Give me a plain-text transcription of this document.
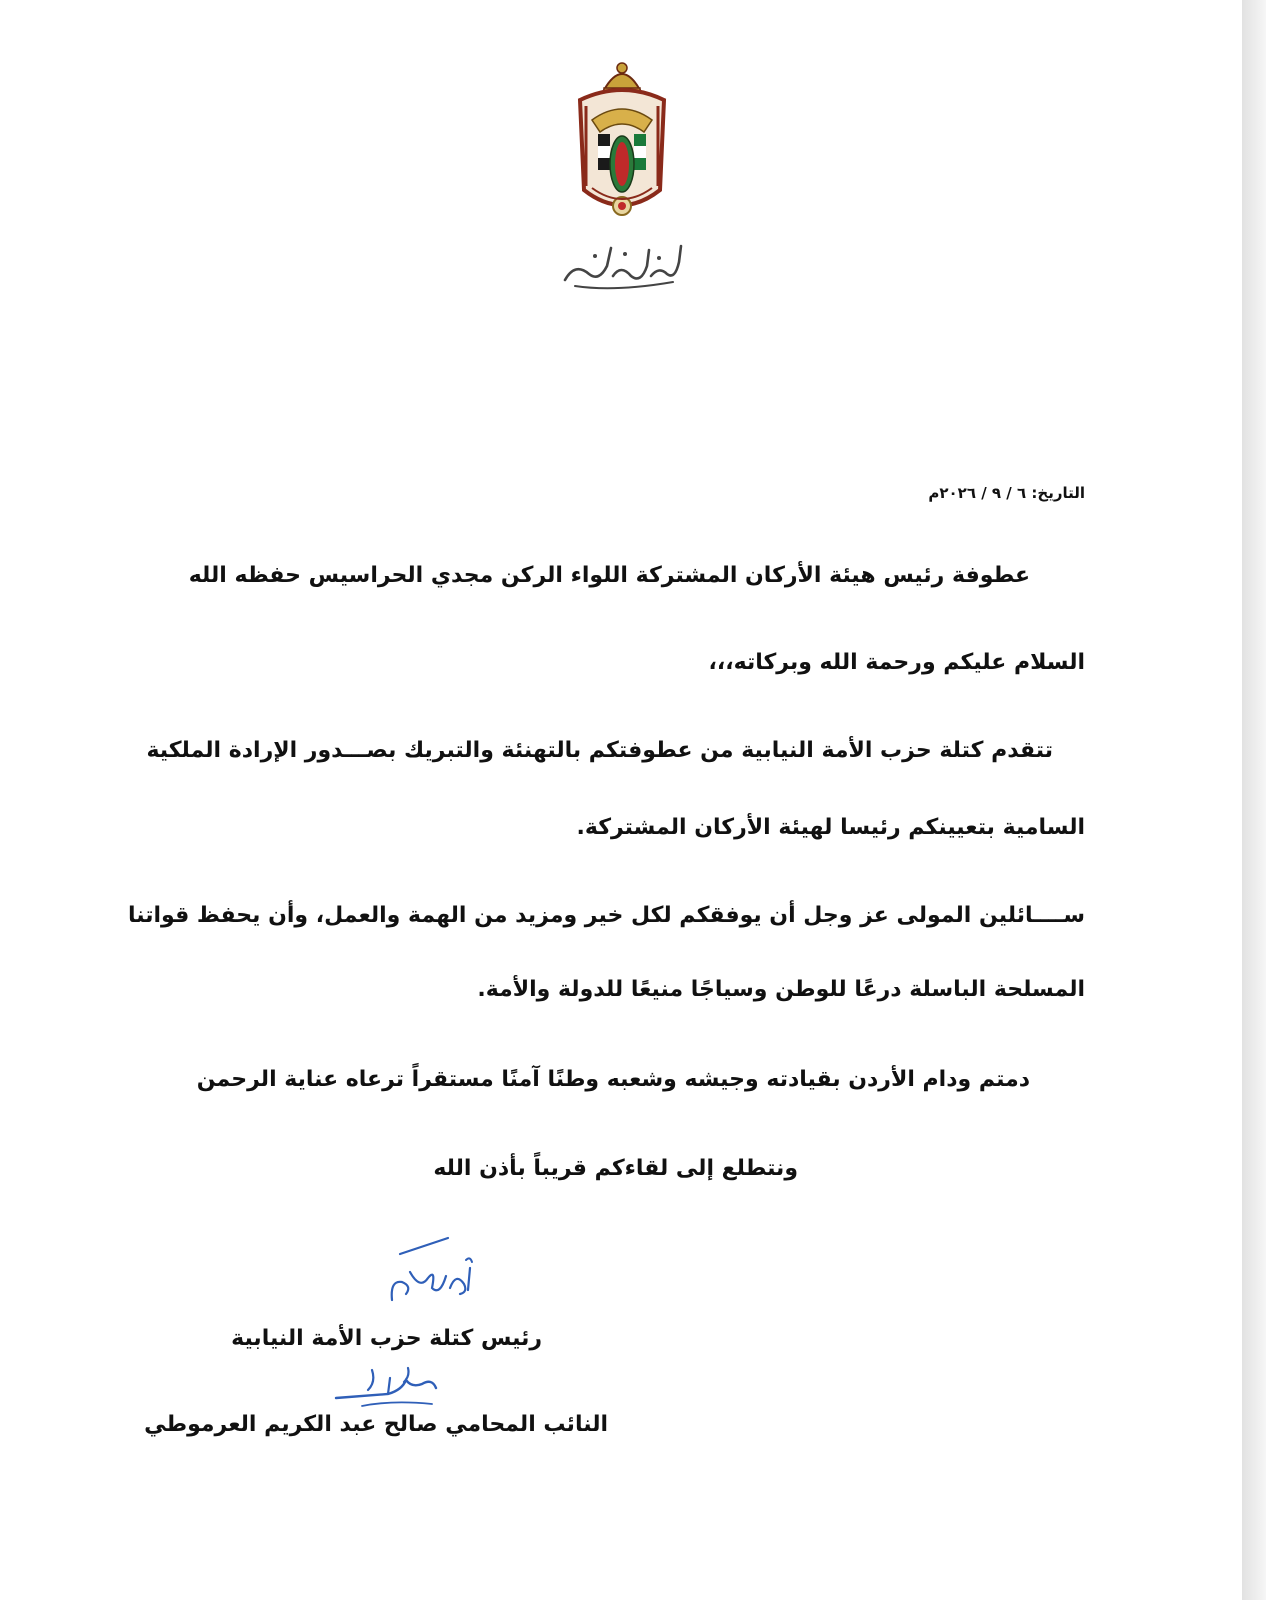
التاريخ: ٦ / ٩ / ٢٠٢٦م
عطوفة رئيس هيئة الأركان المشتركة اللواء الركن مجدي الحراسيس حفظه الله
السلام عليكم ورحمة الله وبركاته،،،
تتقدم كتلة حزب الأمة النيابية من عطوفتكم بالتهنئة والتبريك بصـــدور الإرادة الملكية
السامية بتعيينكم رئيسا لهيئة الأركان المشتركة.
ســــائلين المولى عز وجل أن يوفقكم لكل خير ومزيد من الهمة والعمل، وأن يحفظ قواتنا
المسلحة الباسلة درعًا للوطن وسياجًا منيعًا للدولة والأمة.
دمتم ودام الأردن بقيادته وجيشه وشعبه وطنًا آمنًا مستقراً ترعاه عناية الرحمن
ونتطلع إلى لقاءكم قريباً بأذن الله
رئيس كتلة حزب الأمة النيابية
النائب المحامي صالح عبد الكريم العرموطي
